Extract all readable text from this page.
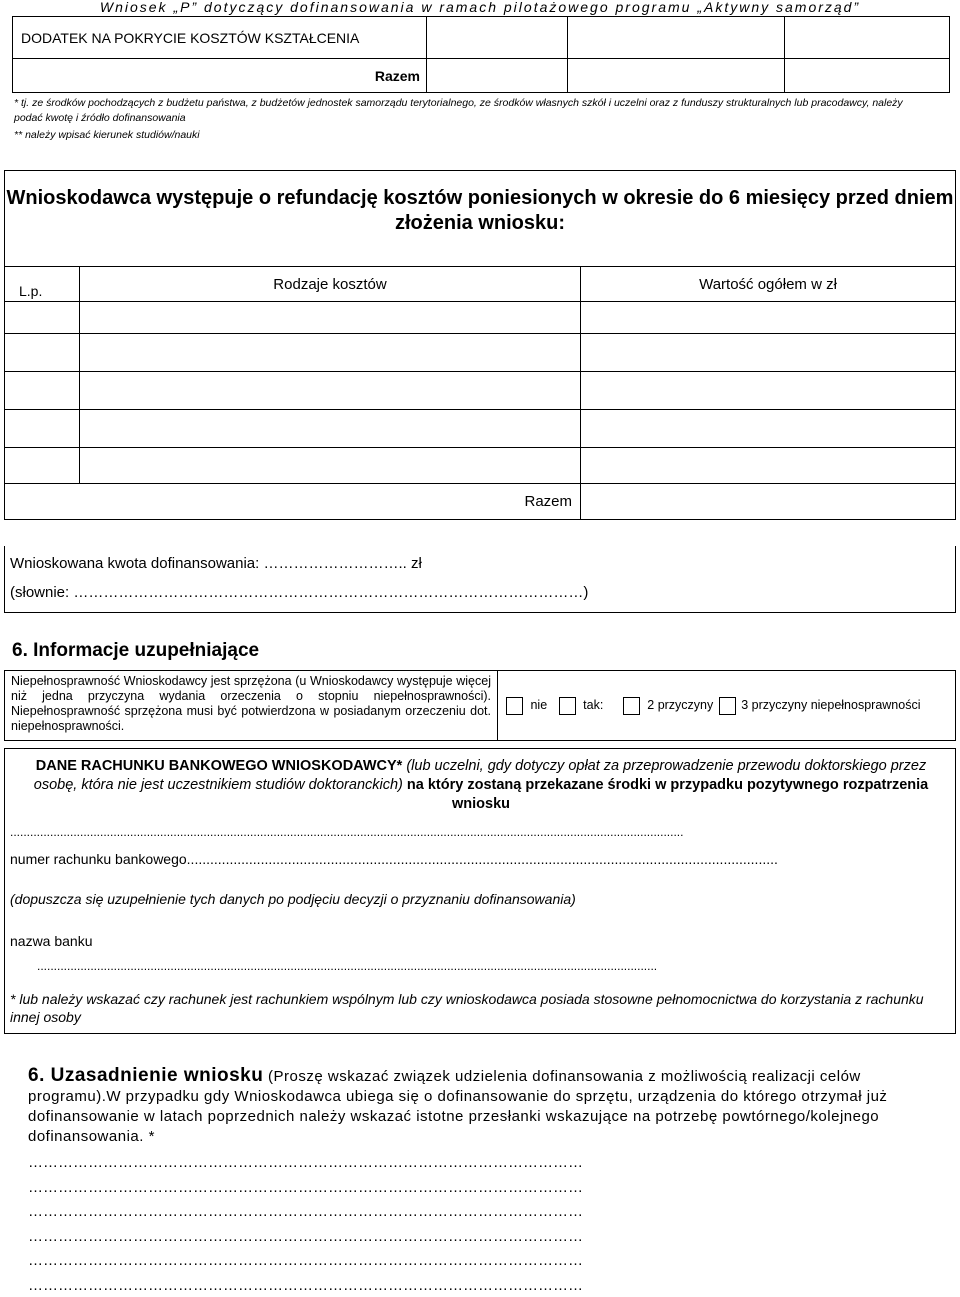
Wniosek „P” dotyczący dofinansowania w ramach pilotażowego programu „Aktywny samorząd”
DODATEK NA POKRYCIE KOSZTÓW KSZTAŁCENIA			
Razem			
* tj. ze środków pochodzących z budżetu państwa, z budżetów jednostek samorządu terytorialnego, ze środków własnych szkół i uczelni oraz z funduszy strukturalnych lub pracodawcy, należy podać kwotę i źródło dofinansowania
** należy wpisać kierunek studiów/nauki
Wnioskodawca występuje o refundację kosztów poniesionych w okresie do 6 miesięcy przed dniem złożenia wniosku:
L.p.	Rodzaje kosztów	Wartość ogółem w zł

Razem		
Wnioskowana kwota dofinansowania: ……………………….. zł
(słownie: …………………………………………………………………………………………)
6. Informacje uzupełniające
Niepełnosprawność Wnioskodawcy jest sprzężona (u Wnioskodawcy występuje więcej niż jedna przyczyna wydania orzeczenia o stopniu niepełnosprawności). Niepełnosprawność sprzężona musi być potwierdzona w posiadanym orzeczeniu dot. niepełnosprawności.	nie	tak:	2 przyczyny 3 przyczyny niepełnosprawności
DANE RACHUNKU BANKOWEGO WNIOSKODAWCY* (lub uczelni, gdy dotyczy opłat za przeprowadzenie przewodu doktorskiego przez osobę, która nie jest uczestnikiem studiów doktoranckich) na który zostaną przekazane środki w przypadku pozytywnego rozpatrzenia wniosku
..........................................................................................................................................................................................................
numer rachunku bankowego........................................................................................................................................................
(dopuszcza się uzupełnienie tych danych po podjęciu decyzji o przyznaniu dofinansowania)
nazwa banku
..........................................................................................................................................................................................
* lub należy wskazać czy rachunek jest rachunkiem wspólnym lub czy wnioskodawca posiada stosowne pełnomocnictwa do korzystania z rachunku innej osoby
6. Uzasadnienie wniosku (Proszę wskazać związek udzielenia dofinansowania z możliwością realizacji celów programu).W przypadku gdy Wnioskodawca ubiega się o dofinansowanie do sprzętu, urządzenia do którego otrzymał już dofinansowanie w latach poprzednich należy wskazać istotne przesłanki wskazujące na potrzebę powtórnego/kolejnego dofinansowania. *
…………………………………………………………………………………………………
…………………………………………………………………………………………………
…………………………………………………………………………………………………
…………………………………………………………………………………………………
…………………………………………………………………………………………………
…………………………………………………………………………………………………
